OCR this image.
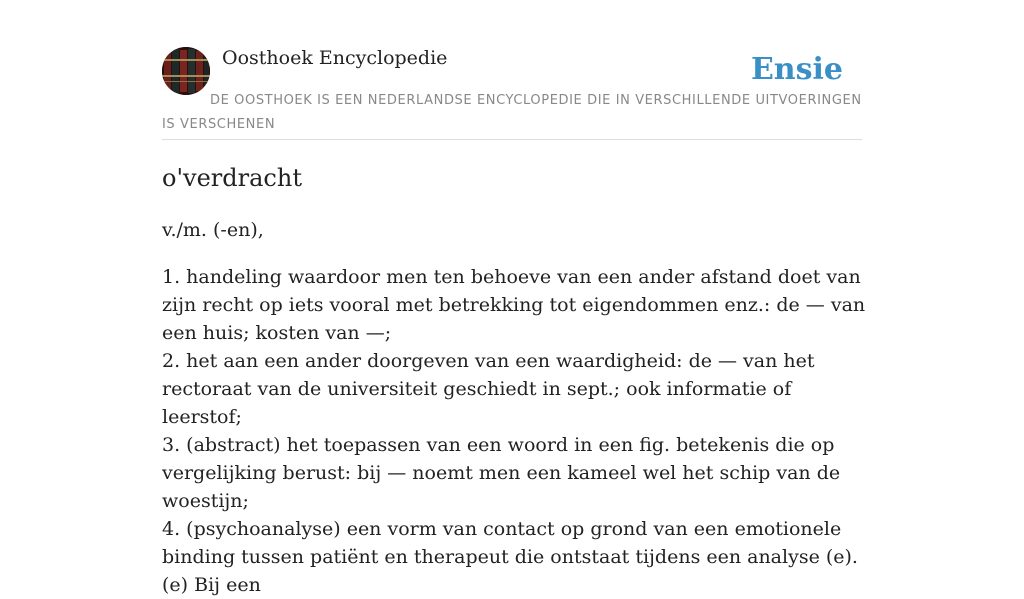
Oosthoek Encyclopedie	Ensie
DE OOSTHOEK IS EEN NEDERLANDSE ENCYCLOPEDIE DIE IN VERSCHILLENDE UITVOERINGEN IS VERSCHENEN
o'verdracht

v./m. (-en),

1. handeling waardoor men ten behoeve van een ander afstand doet van zijn recht op iets vooral met betrekking tot eigendommen enz.: de — van een huis; kosten van —;
2. het aan een ander doorgeven van een waardigheid: de — van het rectoraat van de universiteit geschiedt in sept.; ook informatie of leerstof;
3. (abstract) het toepassen van een woord in een fig. betekenis die op vergelijking berust: bij — noemt men een kameel wel het schip van de woestijn;
4. (psychoanalyse) een vorm van contact op grond van een emotionele binding tussen patiënt en therapeut die ontstaat tijdens een analyse (e). (e) Bij een
